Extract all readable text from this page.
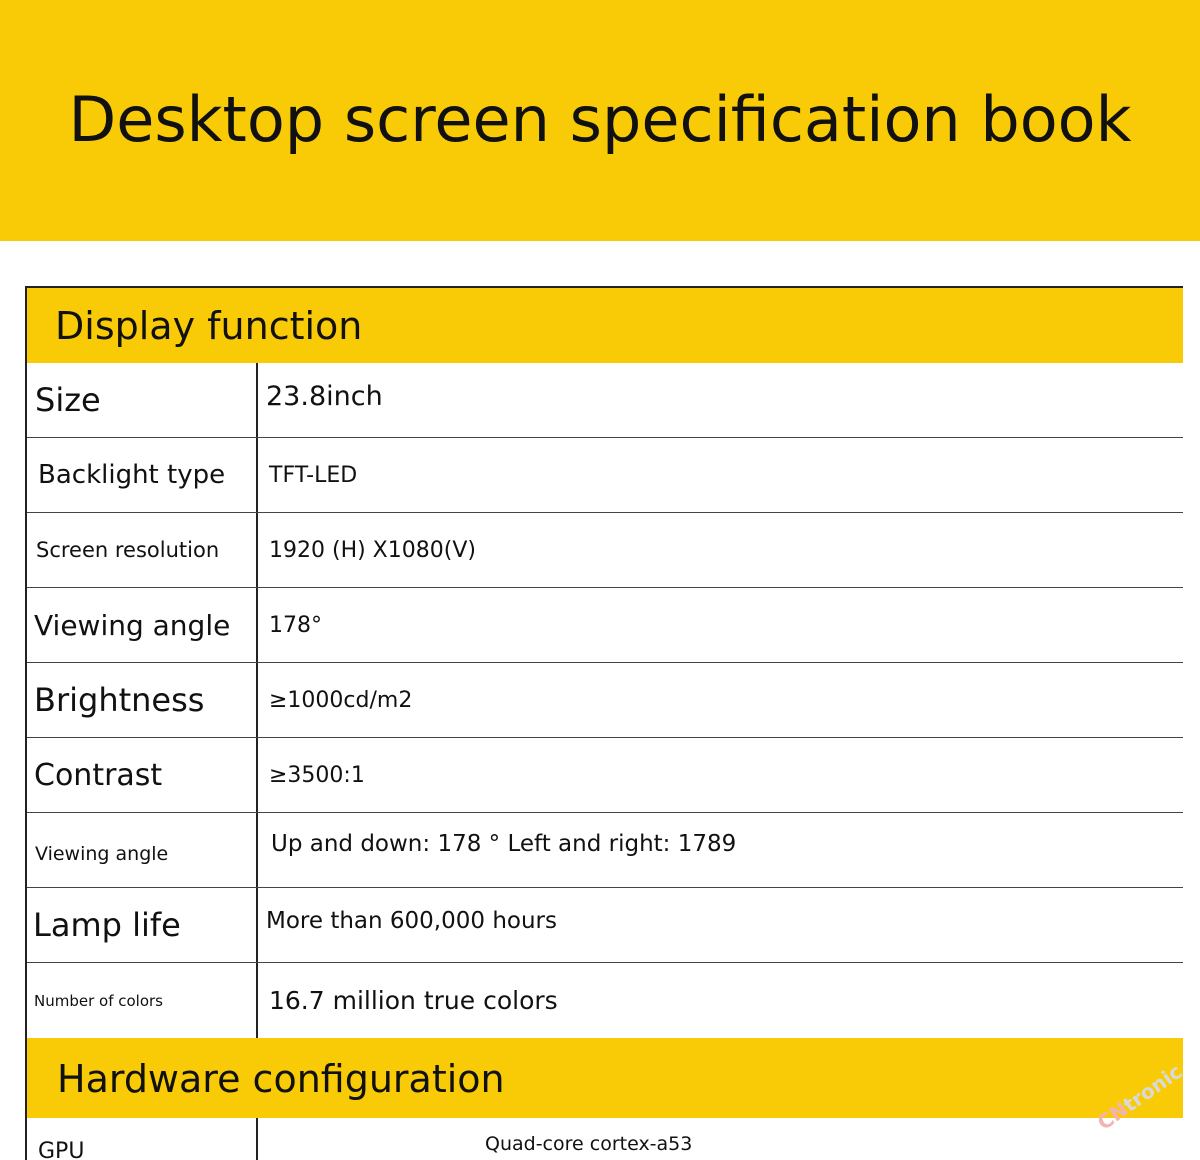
Desktop screen specification book
Display function
Size	23.8inch
Backlight type	TFT-LED
Screen resolution	1920 (H) X1080(V)
Viewing angle	178°
Brightness	≥1000cd/m2
Contrast	≥3500:1
Viewing angle	Up and down: 178 ° Left and right: 1789
Lamp life	More than 600,000 hours
Number of colors	16.7 million true colors
Hardware configuration
GPU	Quad-core cortex-a53
CNtronic
